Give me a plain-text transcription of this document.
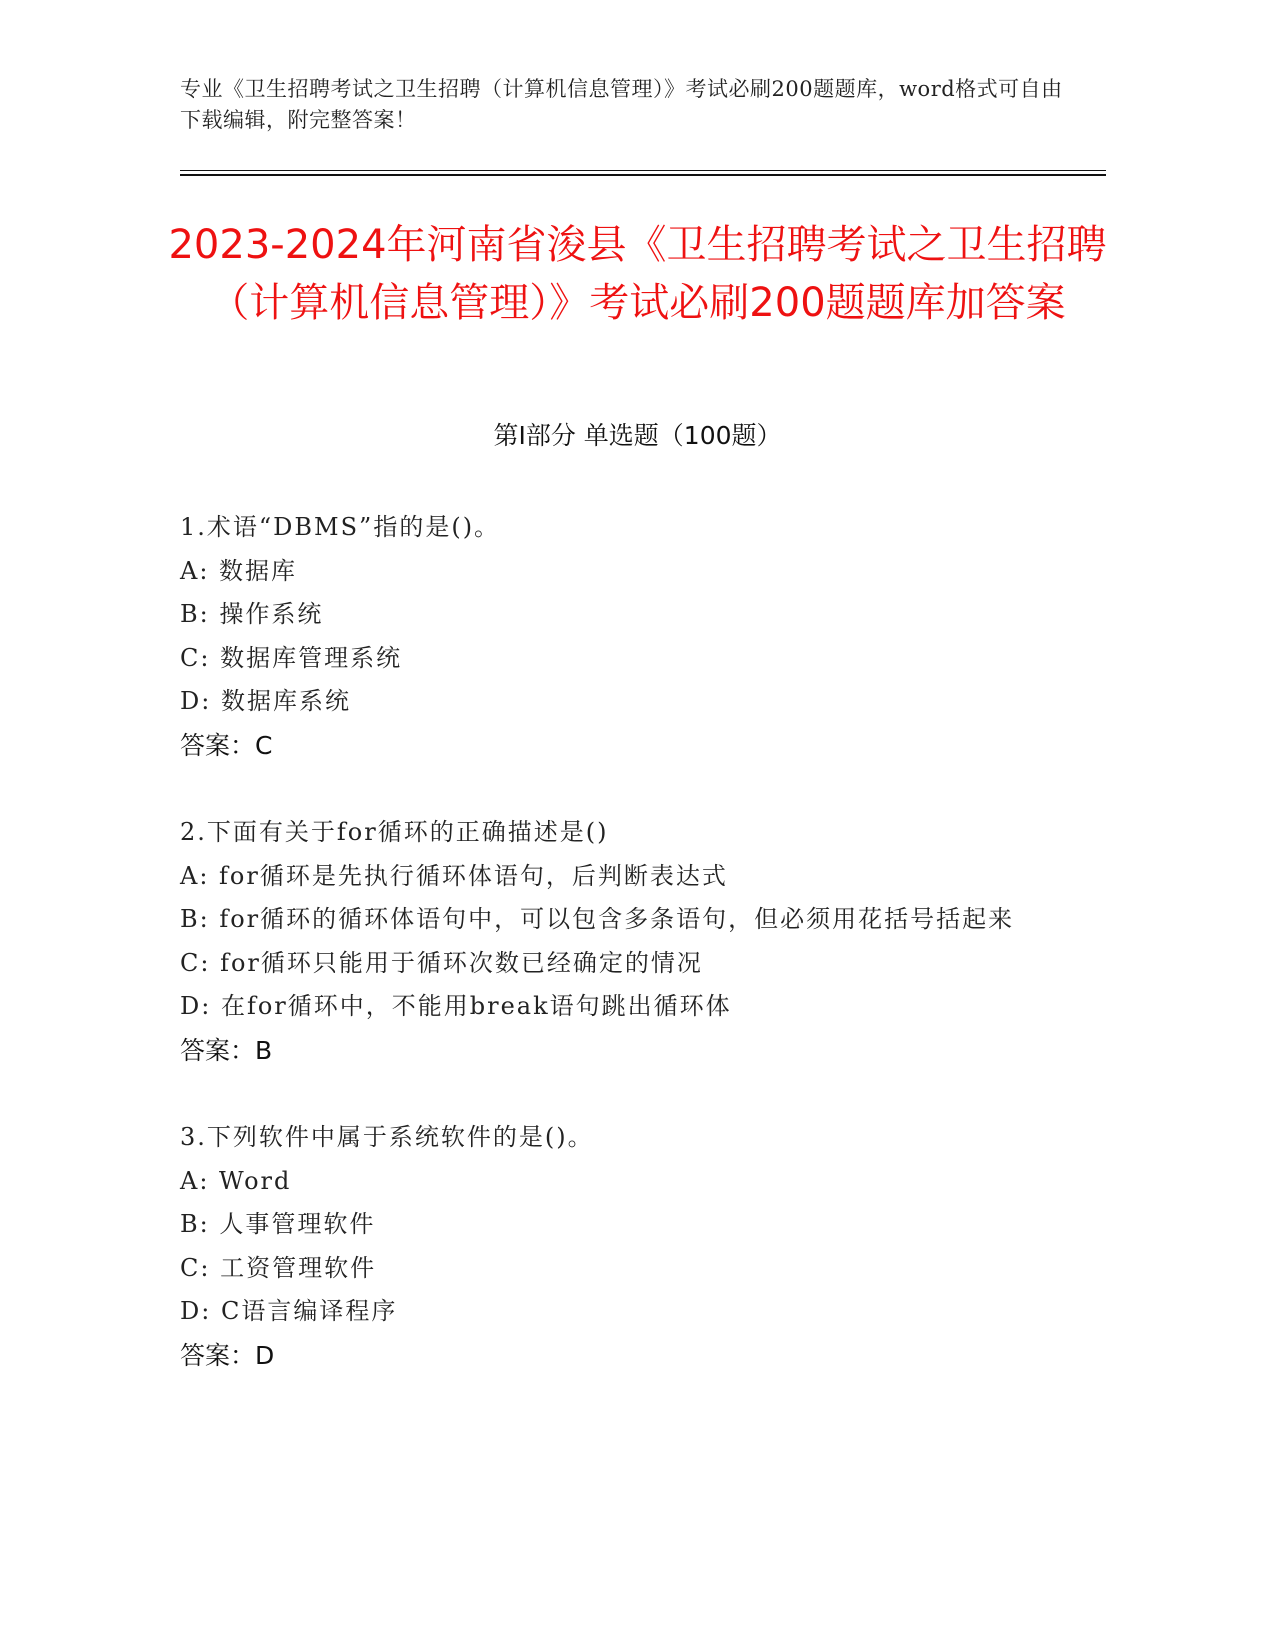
专业《卫生招聘考试之卫生招聘（计算机信息管理）》考试必刷200题题库，word格式可自由下载编辑，附完整答案！
2023-2024年河南省浚县《卫生招聘考试之卫生招聘（计算机信息管理）》考试必刷200题题库加答案
第Ⅰ部分 单选题（100题）
1.术语“DBMS”指的是()。
A: 数据库
B: 操作系统
C: 数据库管理系统
D: 数据库系统
答案：C
2.下面有关于for循环的正确描述是()
A: for循环是先执行循环体语句，后判断表达式
B: for循环的循环体语句中，可以包含多条语句，但必须用花括号括起来
C: for循环只能用于循环次数已经确定的情况
D: 在for循环中，不能用break语句跳出循环体
答案：B
3.下列软件中属于系统软件的是()。
A: Word
B: 人事管理软件
C: 工资管理软件
D: C语言编译程序
答案：D
